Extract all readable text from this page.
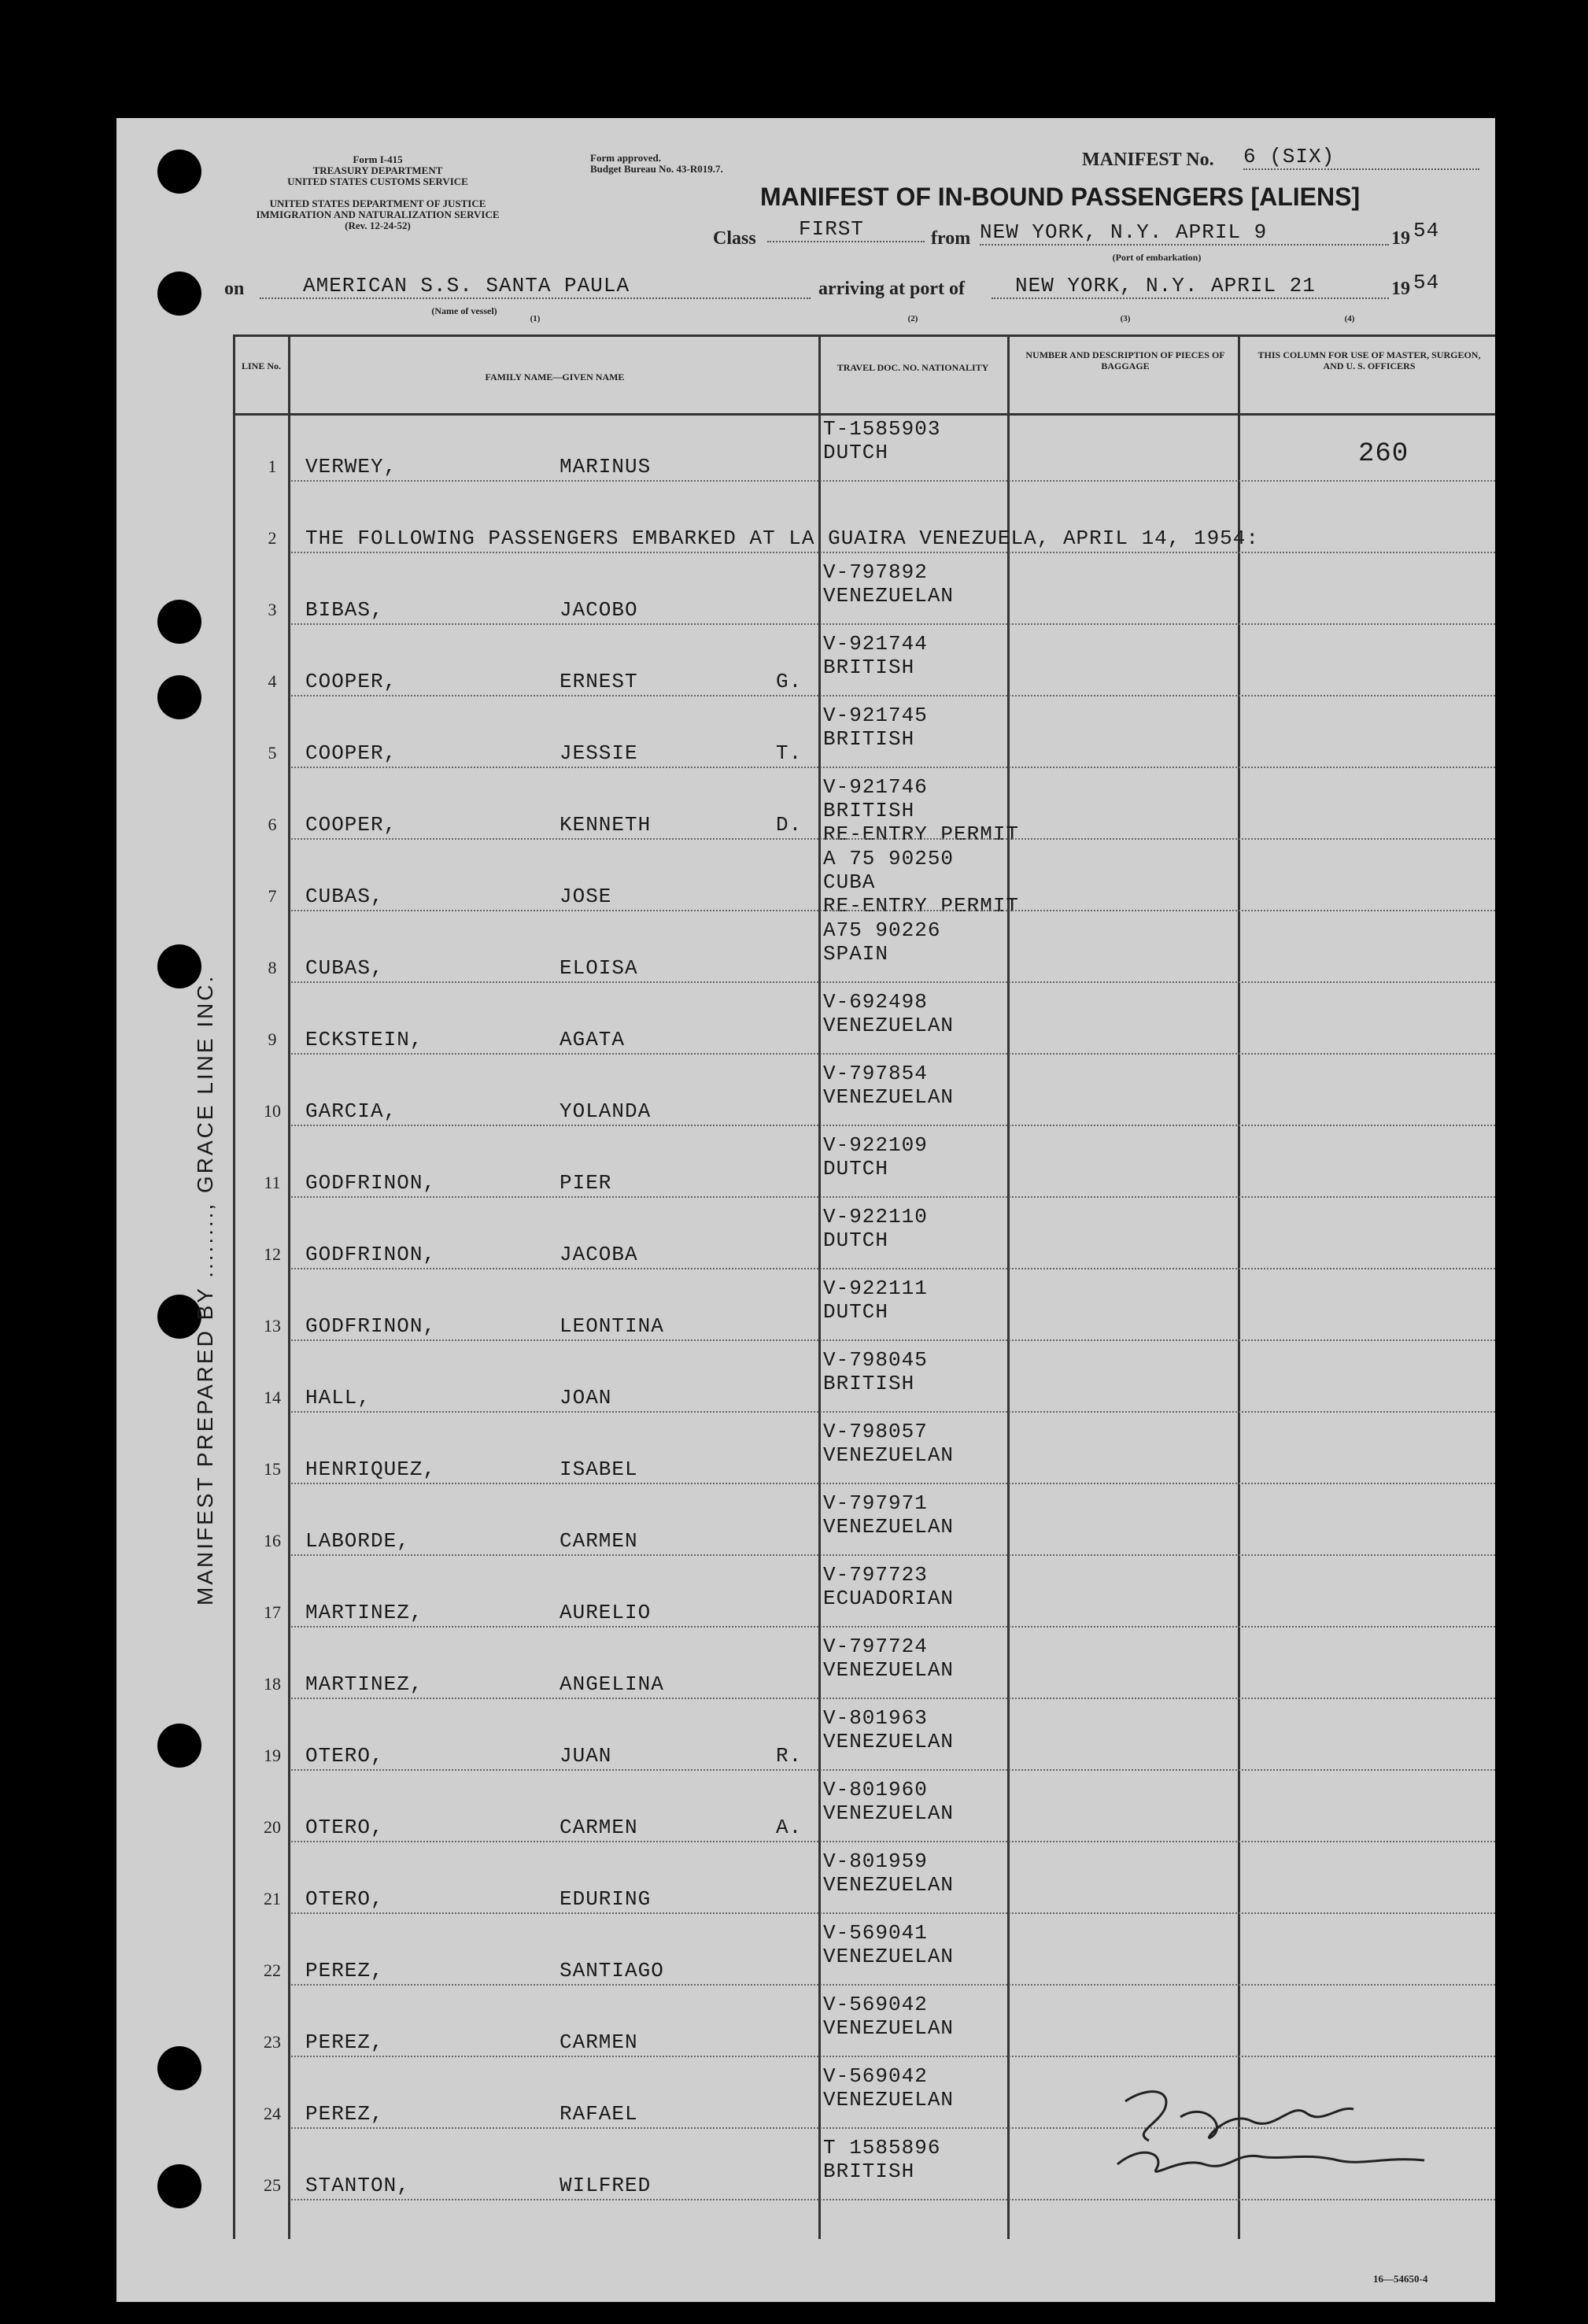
Form I-415
TREASURY DEPARTMENT
UNITED STATES CUSTOMS SERVICE
Form approved.
Budget Bureau No. 43-R019.7.
UNITED STATES DEPARTMENT OF JUSTICE
IMMIGRATION AND NATURALIZATION SERVICE
(Rev. 12-24-52)
MANIFEST No. 6 (SIX)
MANIFEST OF IN-BOUND PASSENGERS [ALIENS]
Class	FIRST	from NEW YORK, N.Y. APRIL 9	19 54
(Port of embarkation)
on	AMERICAN S.S. SANTA PAULA
(Name of vessel)
(1)
arriving at port of	NEW YORK, N.Y. APRIL 21	19 54
(2)	(3)	(4)
LINE No.
FAMILY NAME—GIVEN NAME
TRAVEL DOC. NO. NATIONALITY
NUMBER AND DESCRIPTION OF PIECES OF BAGGAGE
THIS COLUMN FOR USE OF MASTER, SURGEON, AND U. S. OFFICERS
1	VERWEY,	MARINUS
T-1585903
DUTCH	260
2	THE FOLLOWING PASSENGERS EMBARKED AT LA GUAIRA VENEZUELA, APRIL 14, 1954:
3	BIBAS,	JACOBO
V-797892
VENEZUELAN
4	COOPER,	ERNEST	G.
V-921744
BRITISH
5	COOPER,	JESSIE	T.
V-921745
BRITISH
6	COOPER,	KENNETH	D.
V-921746
BRITISH
RE-ENTRY PERMIT
7	CUBAS,	JOSE
A 75 90250
CUBA
RE-ENTRY PERMIT
8	CUBAS,	ELOISA
A75 90226
SPAIN
9	ECKSTEIN,	AGATA
V-692498
VENEZUELAN
10	GARCIA,	YOLANDA
V-797854
VENEZUELAN
11	GODFRINON,	PIER
V-922109
DUTCH
12	GODFRINON,	JACOBA
V-922110
DUTCH
13	GODFRINON,	LEONTINA
V-922111
DUTCH
14	HALL,	JOAN
V-798045
BRITISH
15	HENRIQUEZ,	ISABEL
V-798057
VENEZUELAN
16	LABORDE,	CARMEN
V-797971
VENEZUELAN
17	MARTINEZ,	AURELIO
V-797723
ECUADORIAN
18	MARTINEZ,	ANGELINA
V-797724
VENEZUELAN
19	OTERO,	JUAN	R.
V-801963
VENEZUELAN
20	OTERO,	CARMEN	A.
V-801960
VENEZUELAN
21	OTERO,	EDURING
V-801959
VENEZUELAN
22	PEREZ,	SANTIAGO
V-569041
VENEZUELAN
23	PEREZ,	CARMEN
V-569042
VENEZUELAN
24	PEREZ,	RAFAEL
V-569042
VENEZUELAN
25	STANTON,	WILFRED
T 1585896
BRITISH
MANIFEST PREPARED BY ........, GRACE LINE INC.
16—54650-4
